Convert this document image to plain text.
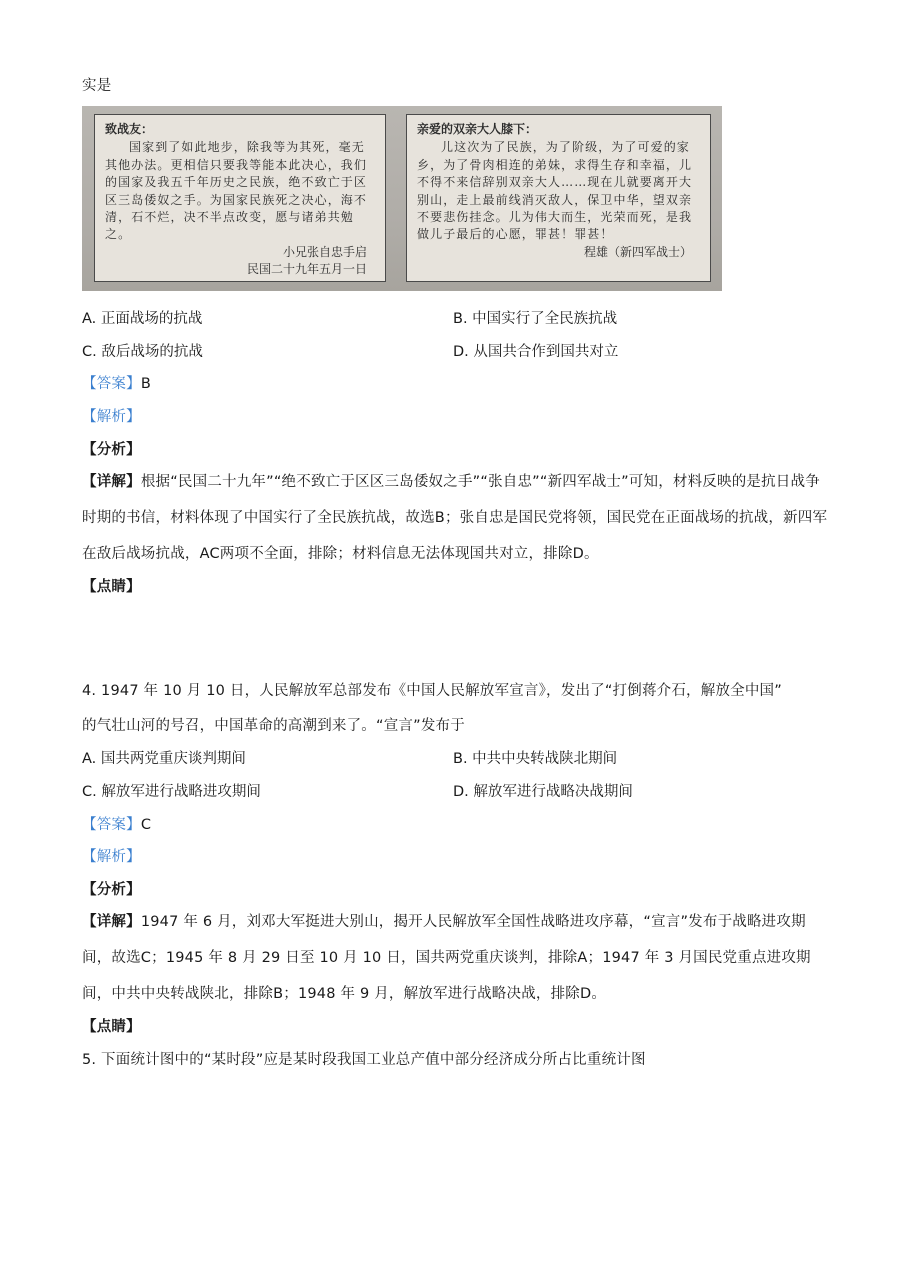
实是
致战友：
国家到了如此地步，除我等为其死，毫无其他办法。更相信只要我等能本此决心，我们的国家及我五千年历史之民族，绝不致亡于区区三岛倭奴之手。为国家民族死之决心，海不清，石不烂，决不半点改变，愿与诸弟共勉之。
小兄张自忠手启
民国二十九年五月一日
亲爱的双亲大人膝下：
儿这次为了民族，为了阶级，为了可爱的家乡，为了骨肉相连的弟妹，求得生存和幸福，儿不得不来信辞别双亲大人……现在儿就要离开大别山，走上最前线消灭敌人，保卫中华，望双亲不要悲伤挂念。儿为伟大而生，光荣而死，是我做儿子最后的心愿，罪甚！罪甚！
程雄（新四军战士）
A. 正面战场的抗战	B. 中国实行了全民族抗战
C. 敌后战场的抗战	D. 从国共合作到国共对立
【答案】B
【解析】
【分析】
【详解】根据“民国二十九年”“绝不致亡于区区三岛倭奴之手”“张自忠”“新四军战士”可知，材料反映的是抗日战争时期的书信，材料体现了中国实行了全民族抗战，故选B；张自忠是国民党将领，国民党在正面战场的抗战，新四军在敌后战场抗战，AC两项不全面，排除；材料信息无法体现国共对立，排除D。
【点睛】
4. 1947 年 10 月 10 日，人民解放军总部发布《中国人民解放军宣言》，发出了“打倒蒋介石，解放全中国”
的气壮山河的号召，中国革命的高潮到来了。“宣言”发布于
A. 国共两党重庆谈判期间	B. 中共中央转战陕北期间
C. 解放军进行战略进攻期间	D. 解放军进行战略决战期间
【答案】C
【解析】
【分析】
【详解】1947 年 6 月，刘邓大军挺进大别山，揭开人民解放军全国性战略进攻序幕，“宣言”发布于战略进攻期间，故选C；1945 年 8 月 29 日至 10 月 10 日，国共两党重庆谈判，排除A；1947 年 3 月国民党重点进攻期间，中共中央转战陕北，排除B；1948 年 9 月，解放军进行战略决战，排除D。
【点睛】
5. 下面统计图中的“某时段”应是某时段我国工业总产值中部分经济成分所占比重统计图
